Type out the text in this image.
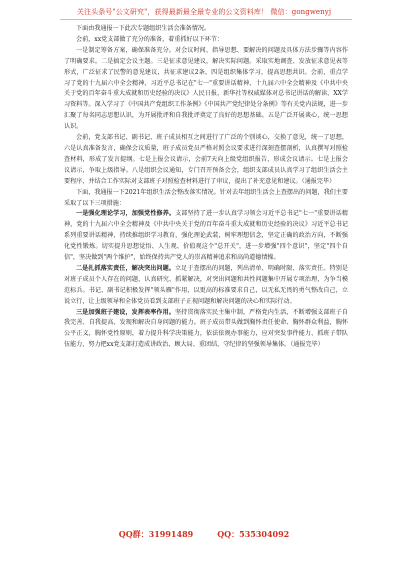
关注头条号"公文研究"，获得最新最全最专业的公文资料库！ 微信：gongwenyj

下面由我通报一下此次专题组织生活会准备情况。

会前，xx党支部做了充分的准备，着重抓好以下环节：

一是制定筹备方案，确保准备充分。对会议时间、指导思想、要解决的问题及具体方法步骤等内容作了明确要求。二是搞定会议主题。三是征求意见建议，解决实际问题。采取实地调查、发放征求意见表等形式，广泛征求了民警的意见建议，共征求建议2条，四是组织集体学习，提高思想共识。会前，重点学习了党的十九届六中全会精神、习近平总书记在"七一"重要讲话精神、十九届六中全会精神及《中共中央关于党的百年奋斗重大成就和历史经验的决议》人民日报、新华社等权威媒体对总书记讲话的解读、XX学习资料等。深入学习了《中国共产党组织工作条例》《中国共产党纪律处分条例》等有关党内法规，进一步汇聚了每名同志思想认识，为开展批评和自我批评奠定了良好的思想基础。五是广泛开展谈心，统一思想认识。

会前，党支部书记、副书记、班子成员相互之间进行了广泛的个别谈心，交换了意见，统一了思想，六是认真准备发言，确保会议质量，班子成员党员严格对照会议要求进行深刻查摆剖析，认真撰写对照检查材料，形成了发言提纲。七是上报会议请示，会前7天向上级党组织报告，形成会议请示。七是上报会议请示，争取上级指导。八是组织会议通知，专门召开预备会会，组织支部成员认真学习了组织生活会主要程序，并结合工作实际对支部班子对照检查材料进行了审议，提出了补充意见和建议。（通报完毕）

下面，我通报一下2021年组织生活会整改落实情况。针对去年组织生活会上查摆出的问题，我们主要采取了以下三项措施：

一是强化理论学习，加强党性修养。支部坚持了进一步认真学习领会习近平总书记"七一"重要讲话精神，党的十九届六中全会精神及《中共中央关于党的百年奋斗重大成就和历史经验的决议》习近平总书记系列重要讲话精神，持续推组织学习教育，强化理论武装，树牢理想信念，坚定正确的政治方向，不断强化党性锻炼。切实提升思想觉悟、人生观、价值观这个"总开关"，进一步增强"四个意识"，坚定"四个自信"，坚决做到"两个维护"，始终保持共产党人的崇高精神追求和高尚道德情操。

二是扎抓落实责任，解决突出问题。立足于查摆出的问题，列出清单、明确时限、落实责任。特别是对班子成员个人存在的问题，认真研究、抓紧解决，对突出问题和共性问题集中开展专项治理，为争当模范标兵。书记、副书记积极发挥"领头雁"作用，以更高的标准要求自己，以无私无畏的勇气整改自己，立说立行，让上级领导和全体党员看到支部班子正视问题和解决问题的决心和实际行动。

三是加强班子建设，发挥表率作用。坚持贯彻落实民主集中制，严格党内生活，不断增强支部班子自我完善、自我提高、发现和解决自身问题的能力。班子成员带头做到胸怀责任使命、胸怀群众利益，胸怀公平正义，胸怀党性原则，着力提升科学决策能力，依法依规办事能力，应对突发事件能力、抓班子带队伍能力，努力把xx党支部打造成讲政治、顾大局、重团结、守纪律的坚强领导集体。（通报完毕）

QQ群：31991489	QQ：535304092
